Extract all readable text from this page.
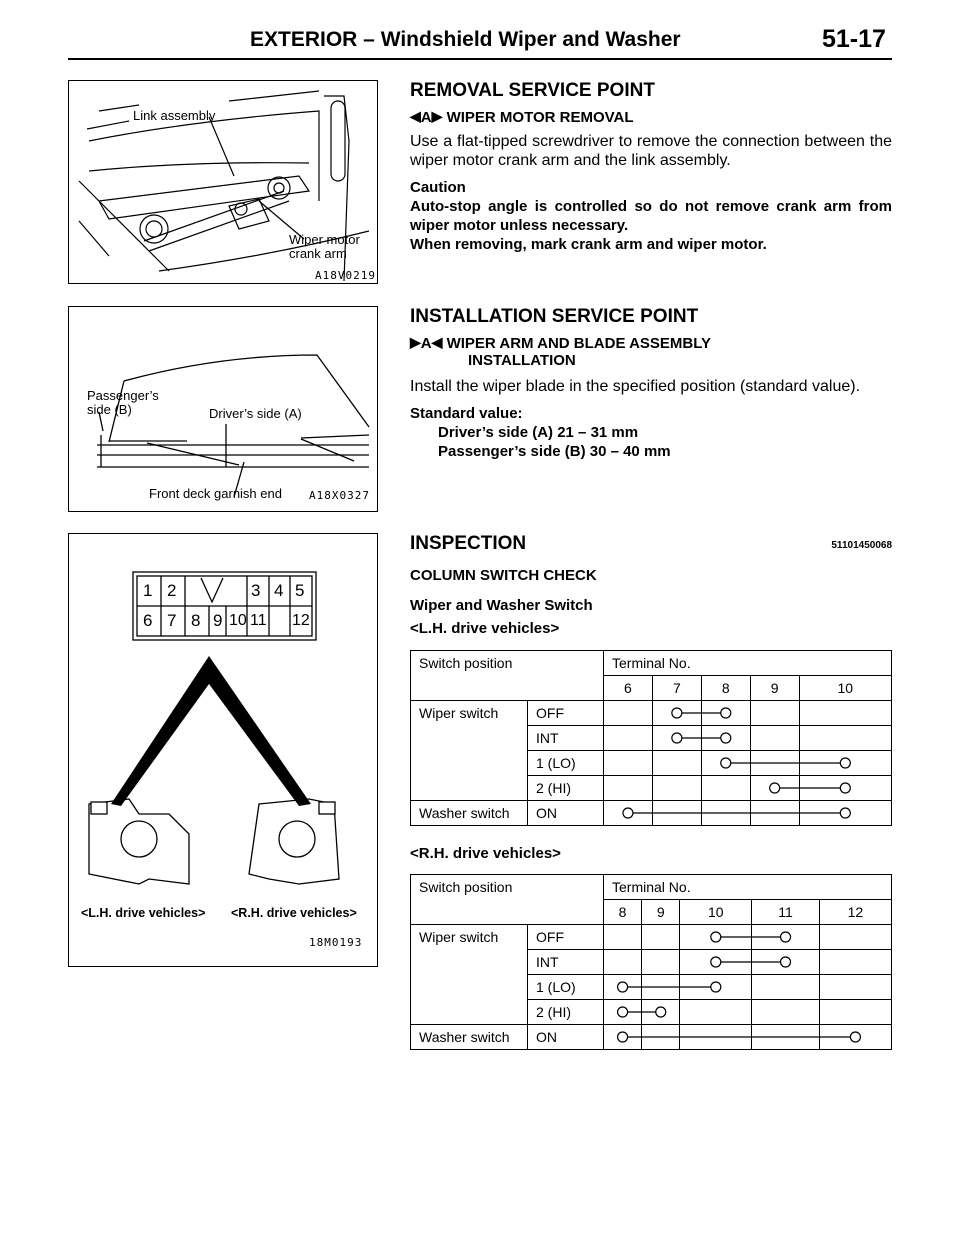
EXTERIOR – Windshield Wiper and Washer	51-17
Link assembly
Wiper motor
crank arm
A18V0219
Passenger’s
side (B)	Driver’s side (A)
Front deck garnish end A18X0327
1 2	3 4 5
6 7 8 9 10 11 12
<L.H. drive vehicles> <R.H. drive vehicles>
18M0193
REMOVAL SERVICE POINT
◀A▶ WIPER MOTOR REMOVAL

Use a flat-tipped screwdriver to remove the connection between the wiper motor crank arm and the link assembly.

Caution

Auto-stop angle is controlled so do not remove crank arm from wiper motor unless necessary.

When removing, mark crank arm and wiper motor.

INSTALLATION SERVICE POINT
▶A◀ WIPER ARM AND BLADE ASSEMBLY
INSTALLATION

Install the wiper blade in the specified position (standard value).

Standard value:

Driver’s side (A) 21 – 31 mm

Passenger’s side (B) 30 – 40 mm

INSPECTION	51101450068
COLUMN SWITCH CHECK
Wiper and Washer Switch
<L.H. drive vehicles>
Switch position		Terminal No.				
		6	7	8	9	10
Wiper switch	OFF					
	INT					
	1 (LO)					
	2 (HI)					
Washer switch	ON					
<R.H. drive vehicles>
Switch position		Terminal No.				
		8	9	10	11	12
Wiper switch	OFF					
	INT					
	1 (LO)					
	2 (HI)					
Washer switch	ON					
